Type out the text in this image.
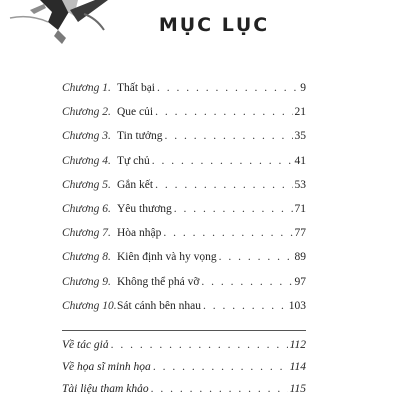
MỤC LỤC
Chương 1. Thất bại . . .	9
Chương 2. Que củi . . .	21
Chương 3. Tin tưởng . . .	35
Chương 4. Tự chủ . . .	41
Chương 5. Gắn kết . . .	53
Chương 6. Yêu thương . . .	71
Chương 7. Hòa nhập . . .	77
Chương 8. Kiên định và hy vọng . . .	89
Chương 9. Không thể phá vỡ . . .	97
Chương 10. Sát cánh bên nhau . . .	103
Về tác giả . . .	112
Về họa sĩ minh họa . . .	114
Tài liệu tham khảo . . .	115
